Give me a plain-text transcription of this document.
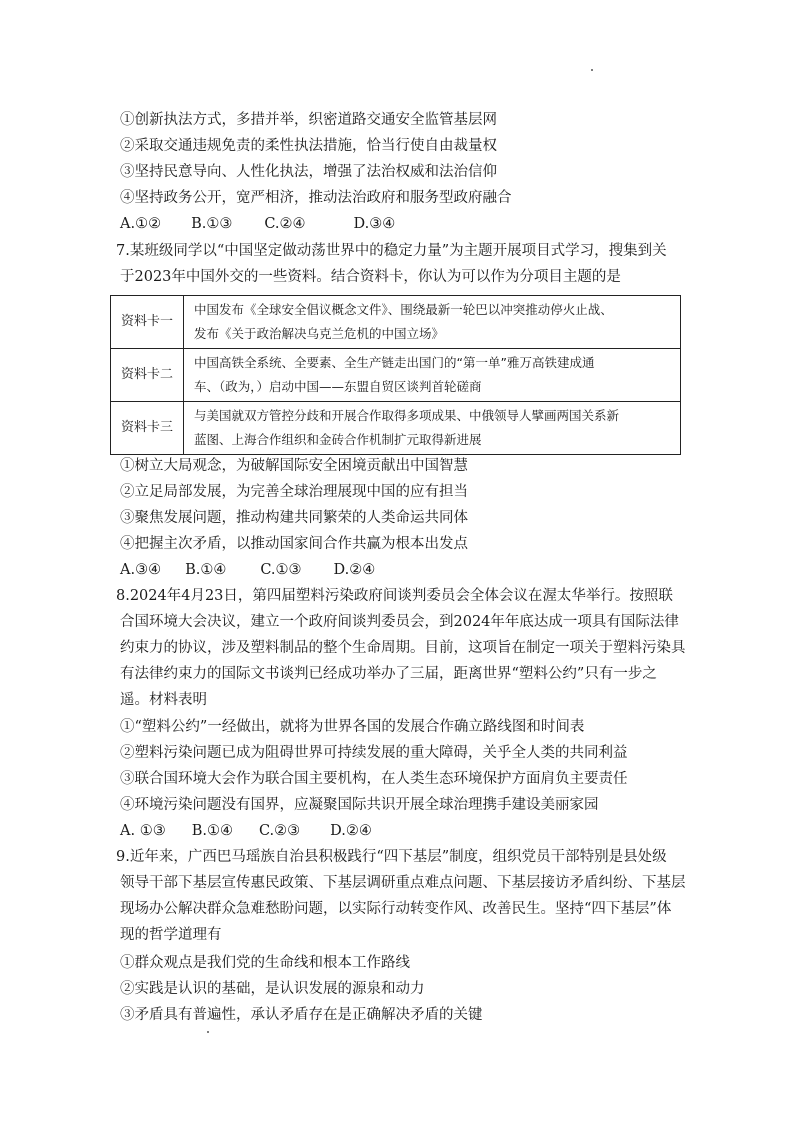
①创新执法方式，多措并举，织密道路交通安全监管基层网
②采取交通违规免责的柔性执法措施，恰当行使自由裁量权
③坚持民意导向、人性化执法，增强了法治权威和法治信仰
④坚持政务公开，宽严相济，推动法治政府和服务型政府融合
A.①② B.①③ C.②④	D.③④
7.某班级同学以“中国坚定做动荡世界中的稳定力量”为主题开展项目式学习，搜集到关
于2023年中国外交的一些资料。结合资料卡，你认为可以作为分项目主题的是
资料卡一	中国发布《全球安全倡议概念文件》、围绕最新一轮巴以冲突推动停火止战、
发布《关于政治解决乌克兰危机的中国立场》

资料卡二	中国高铁全系统、全要素、全生产链走出国门的“第一单”雅万高铁建成通
车、（政为，）启动中国——东盟自贸区谈判首轮磋商

资料卡三	与美国就双方管控分歧和开展合作取得多项成果、中俄领导人擘画两国关系新
蓝图、上海合作组织和金砖合作机制扩元取得新进展
①树立大局观念，为破解国际安全困境贡献出中国智慧
②立足局部发展，为完善全球治理展现中国的应有担当
③聚焦发展问题，推动构建共同繁荣的人类命运共同体
④把握主次矛盾，以推动国家间合作共赢为根本出发点
A.③④ B.①④ C.①③ D.②④
8.2024年4月23日，第四届塑料污染政府间谈判委员会全体会议在渥太华举行。按照联
合国环境大会决议，建立一个政府间谈判委员会，到2024年年底达成一项具有国际法律
约束力的协议，涉及塑料制品的整个生命周期。目前，这项旨在制定一项关于塑料污染具
有法律约束力的国际文书谈判已经成功举办了三届，距离世界“塑料公约”只有一步之
遥。材料表明
①“塑料公约”一经做出，就将为世界各国的发展合作确立路线图和时间表
②塑料污染问题已成为阻碍世界可持续发展的重大障碍，关乎全人类的共同利益
③联合国环境大会作为联合国主要机构，在人类生态环境保护方面肩负主要责任
④环境污染问题没有国界，应凝聚国际共识开展全球治理携手建设美丽家园
A. ①③ B.①④ C.②③ D.②④
9.近年来，广西巴马瑶族自治县积极践行“四下基层”制度，组织党员干部特别是县处级
领导干部下基层宣传惠民政策、下基层调研重点难点问题、下基层接访矛盾纠纷、下基层
现场办公解决群众急难愁盼问题，以实际行动转变作风、改善民生。坚持“四下基层”体
现的哲学道理有
①群众观点是我们党的生命线和根本工作路线
②实践是认识的基础，是认识发展的源泉和动力
③矛盾具有普遍性，承认矛盾存在是正确解决矛盾的关键
